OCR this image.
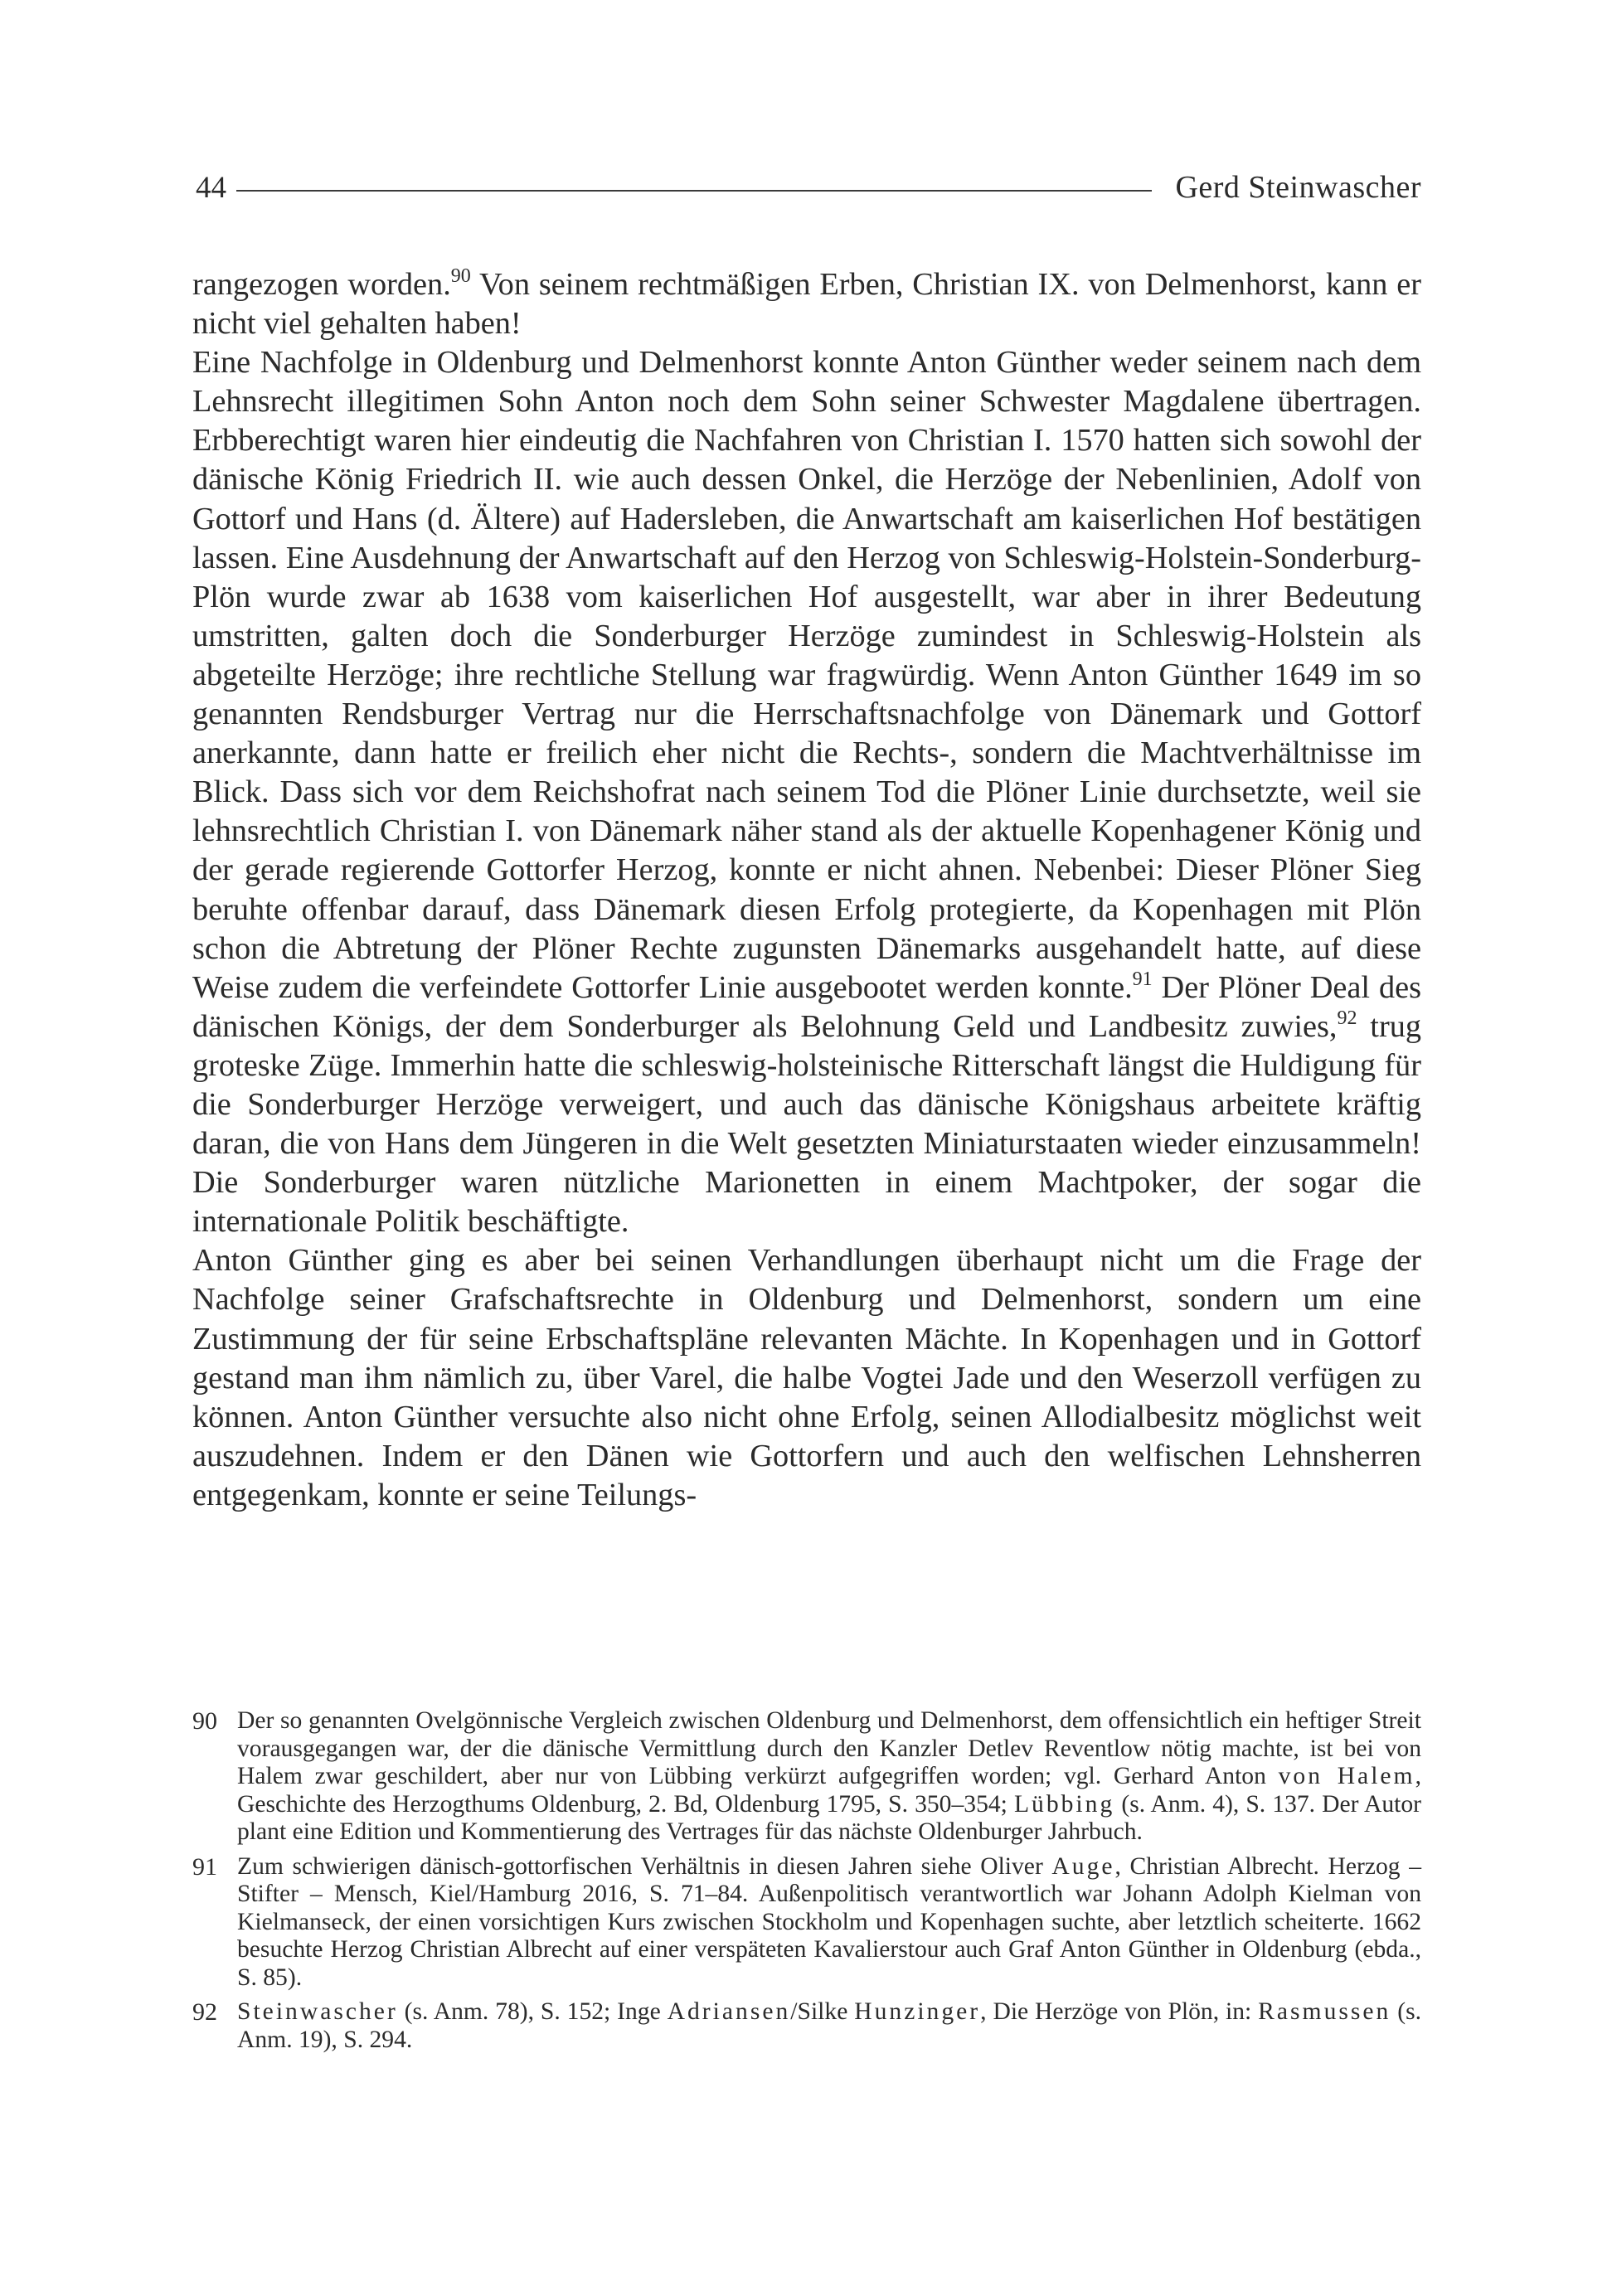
44	Gerd Steinwascher

rangezogen worden.$^{90}$ Von seinem rechtmäßigen Erben, Christian IX. von Delmenhorst, kann er nicht viel gehalten haben!

Eine Nachfolge in Oldenburg und Delmenhorst konnte Anton Günther weder seinem nach dem Lehnsrecht illegitimen Sohn Anton noch dem Sohn seiner Schwester Magdalene übertragen. Erbberechtigt waren hier eindeutig die Nachfahren von Christian I. 1570 hatten sich sowohl der dänische König Friedrich II. wie auch dessen Onkel, die Herzöge der Nebenlinien, Adolf von Gottorf und Hans (d. Ältere) auf Hadersleben, die Anwartschaft am kaiserlichen Hof bestätigen lassen. Eine Ausdehnung der Anwartschaft auf den Herzog von Schleswig-Holstein-Sonderburg-Plön wurde zwar ab 1638 vom kaiserlichen Hof ausgestellt, war aber in ihrer Bedeutung umstritten, galten doch die Sonderburger Herzöge zumindest in Schleswig-Holstein als abgeteilte Herzöge; ihre rechtliche Stellung war fragwürdig. Wenn Anton Günther 1649 im so genannten Rendsburger Vertrag nur die Herrschaftsnachfolge von Dänemark und Gottorf anerkannte, dann hatte er freilich eher nicht die Rechts-, sondern die Machtverhältnisse im Blick. Dass sich vor dem Reichshofrat nach seinem Tod die Plöner Linie durchsetzte, weil sie lehnsrechtlich Christian I. von Dänemark näher stand als der aktuelle Kopenhagener König und der gerade regierende Gottorfer Herzog, konnte er nicht ahnen. Nebenbei: Dieser Plöner Sieg beruhte offenbar darauf, dass Dänemark diesen Erfolg protegierte, da Kopenhagen mit Plön schon die Abtretung der Plöner Rechte zugunsten Dänemarks ausgehandelt hatte, auf diese Weise zudem die verfeindete Gottorfer Linie ausgebootet werden konnte.$^{91}$ Der Plöner Deal des dänischen Königs, der dem Sonderburger als Belohnung Geld und Landbesitz zuwies,$^{92}$ trug groteske Züge. Immerhin hatte die schleswig-holsteinische Ritterschaft längst die Huldigung für die Sonderburger Herzöge verweigert, und auch das dänische Königshaus arbeitete kräftig daran, die von Hans dem Jüngeren in die Welt gesetzten Miniaturstaaten wieder einzusammeln! Die Sonderburger waren nützliche Marionetten in einem Machtpoker, der sogar die internationale Politik beschäftigte.

Anton Günther ging es aber bei seinen Verhandlungen überhaupt nicht um die Frage der Nachfolge seiner Grafschaftsrechte in Oldenburg und Delmenhorst, sondern um eine Zustimmung der für seine Erbschaftspläne relevanten Mächte. In Kopenhagen und in Gottorf gestand man ihm nämlich zu, über Varel, die halbe Vogtei Jade und den Weserzoll verfügen zu können. Anton Günther versuchte also nicht ohne Erfolg, seinen Allodialbesitz möglichst weit auszudehnen. Indem er den Dänen wie Gottorfern und auch den welfischen Lehnsherren entgegenkam, konnte er seine Teilungs-

90 Der so genannten Ovelgönnische Vergleich zwischen Oldenburg und Delmenhorst, dem offensichtlich ein heftiger Streit vorausgegangen war, der die dänische Vermittlung durch den Kanzler Detlev Reventlow nötig machte, ist bei von Halem zwar geschildert, aber nur von Lübbing verkürzt aufgegriffen worden; vgl. Gerhard Anton von Halem, Geschichte des Herzogthums Oldenburg, 2. Bd, Oldenburg 1795, S. 350–354; Lübbing (s. Anm. 4), S. 137. Der Autor plant eine Edition und Kommentierung des Vertrages für das nächste Oldenburger Jahrbuch.
91 Zum schwierigen dänisch-gottorfischen Verhältnis in diesen Jahren siehe Oliver Auge, Christian Albrecht. Herzog – Stifter – Mensch, Kiel/Hamburg 2016, S. 71–84. Außenpolitisch verantwortlich war Johann Adolph Kielman von Kielmanseck, der einen vorsichtigen Kurs zwischen Stockholm und Kopenhagen suchte, aber letztlich scheiterte. 1662 besuchte Herzog Christian Albrecht auf einer verspäteten Kavalierstour auch Graf Anton Günther in Oldenburg (ebda., S. 85).
92 Steinwascher (s. Anm. 78), S. 152; Inge Adriansen/Silke Hunzinger, Die Herzöge von Plön, in: Rasmussen (s. Anm. 19), S. 294.
